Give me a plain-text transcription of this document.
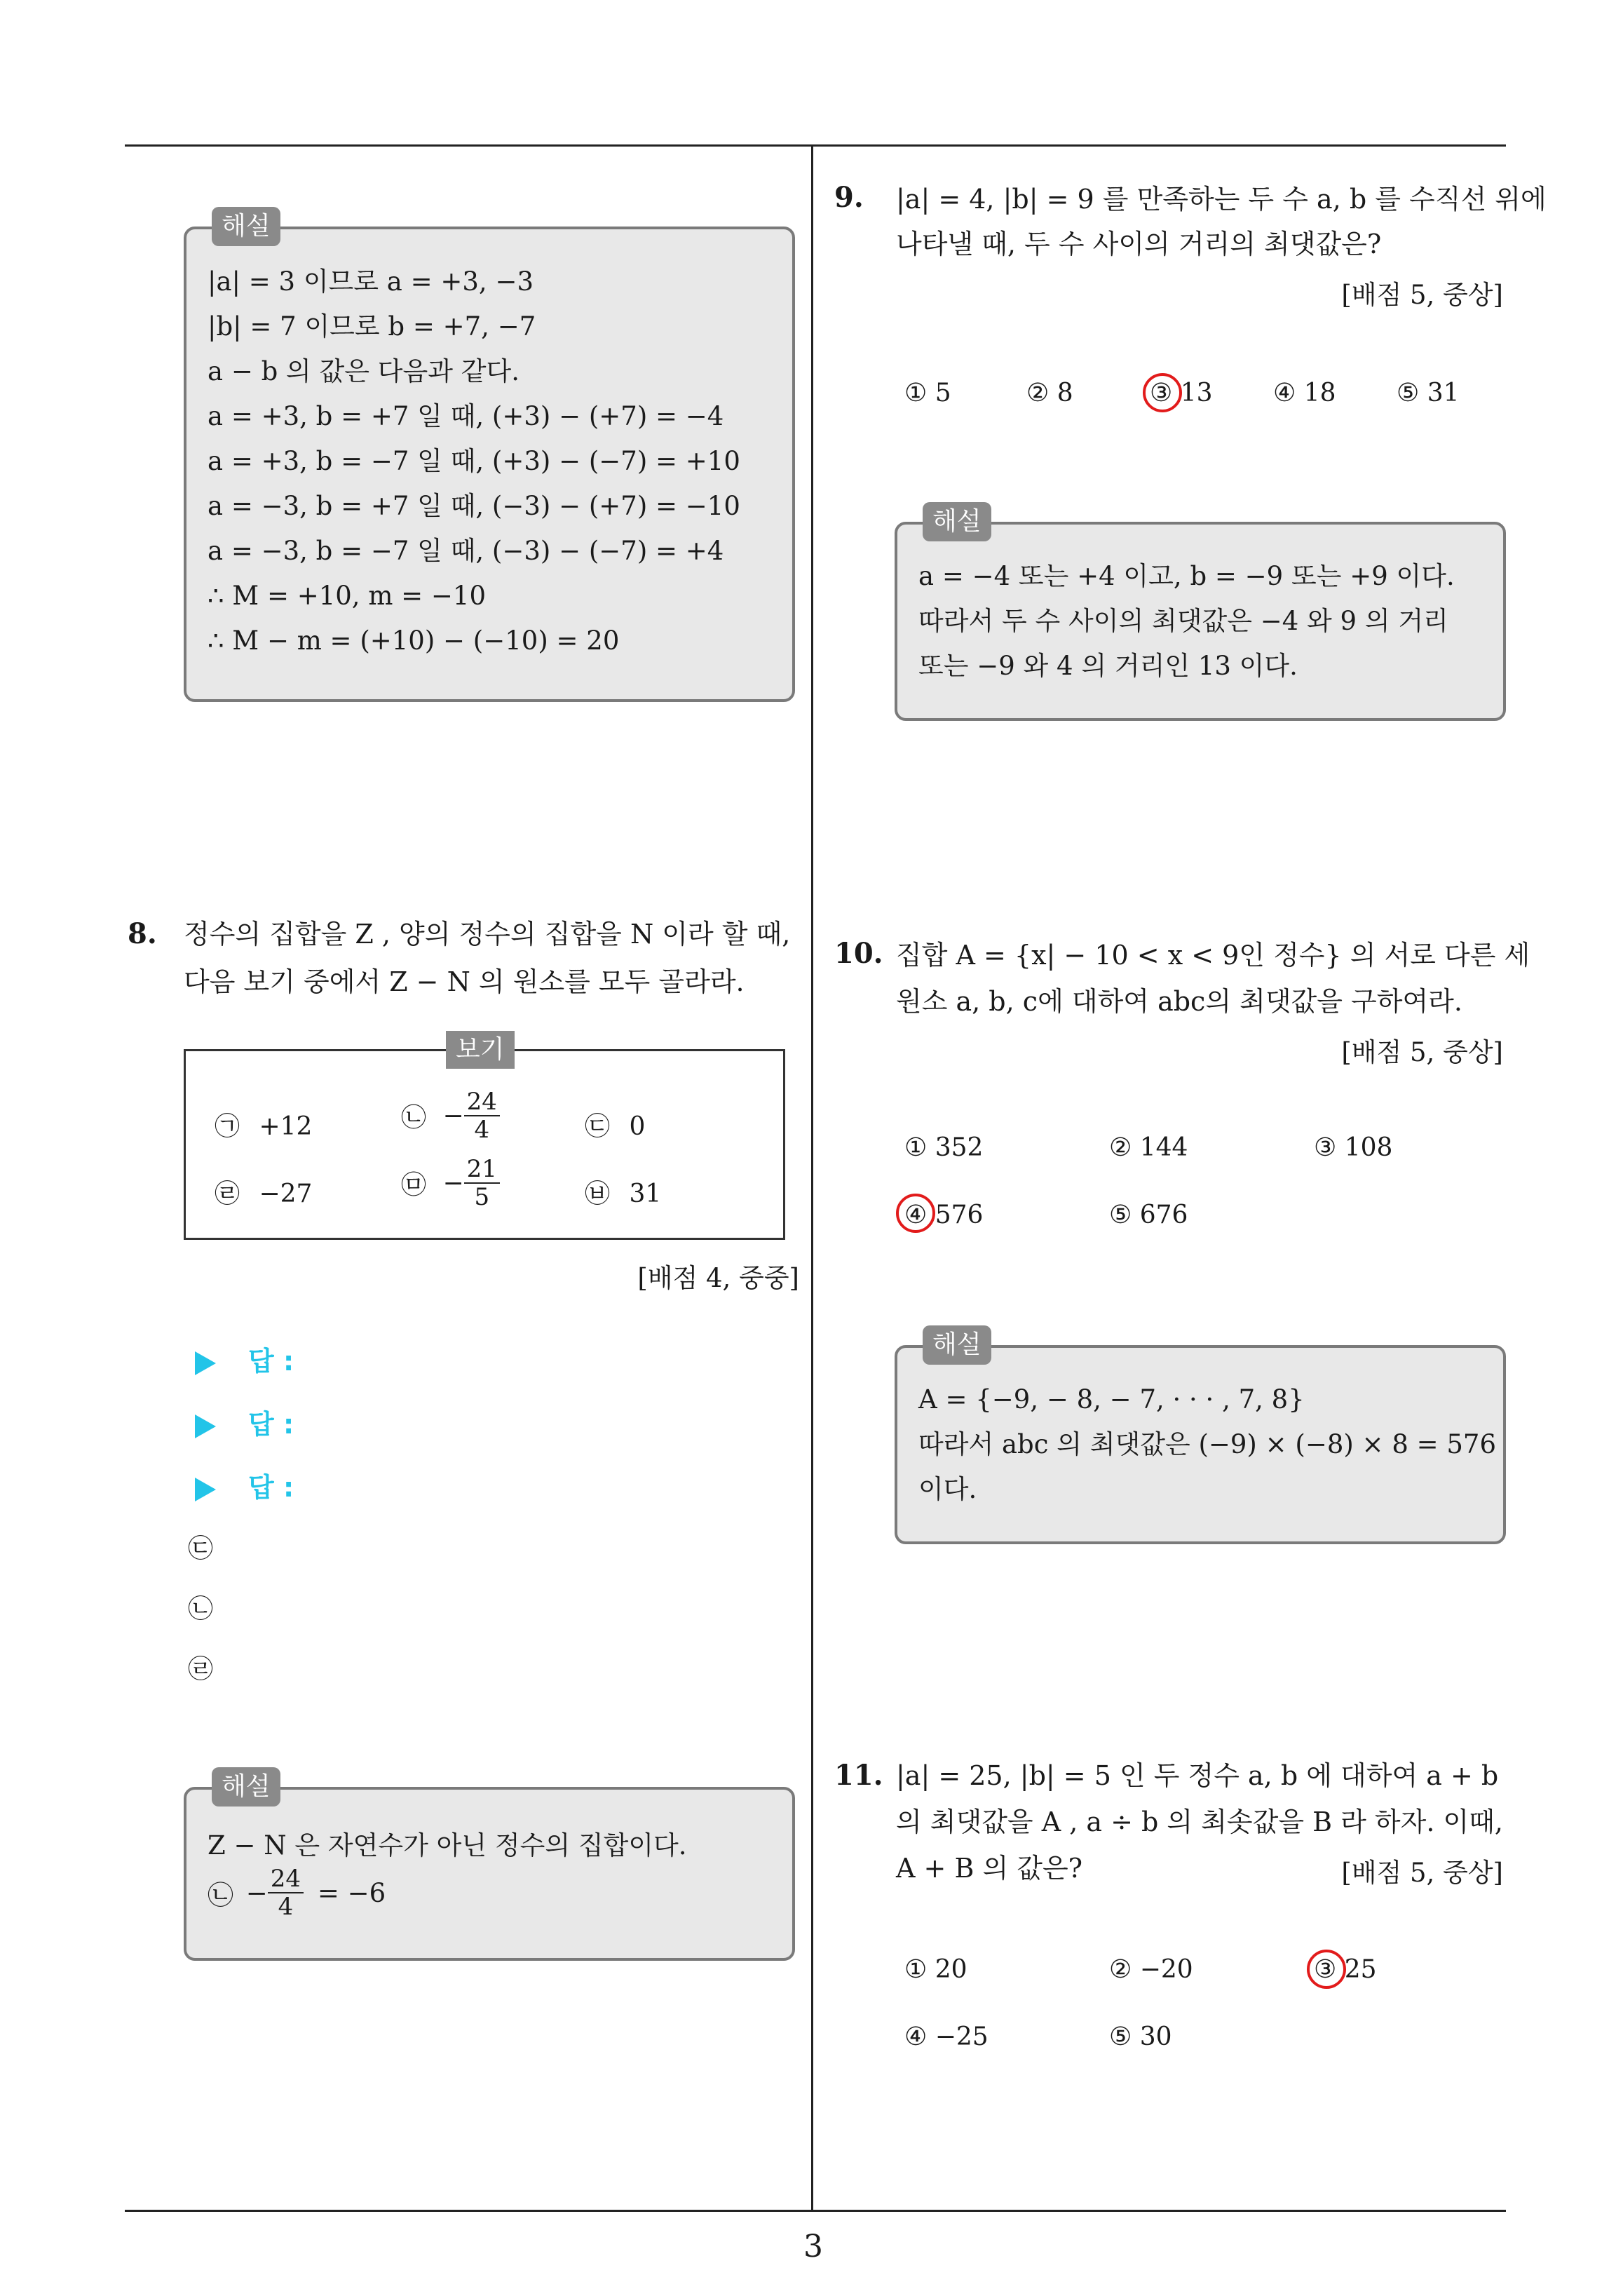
3
해설
|a| = 3 이므로 a = +3, −3
|b| = 7 이므로 b = +7, −7
a − b 의 값은 다음과 같다.
a = +3, b = +7 일 때, (+3) − (+7) = −4
a = +3, b = −7 일 때, (+3) − (−7) = +10
a = −3, b = +7 일 때, (−3) − (+7) = −10
a = −3, b = −7 일 때, (−3) − (−7) = +4
∴ M = +10, m = −10
∴ M − m = (+10) − (−10) = 20
8. 정수의 집합을 Z , 양의 정수의 집합을 N 이라 할 때,
다음 보기 중에서 Z − N 의 원소를 모두 골라라.
보기
㉠ +12	㉡ − $\frac{24}{4}$	㉢ 0
㉣ −27	㉤ − $\frac{21}{5}$	㉥ 31
[배점 4, 중중]
답 :
답 :
답 :
㉢
㉡
㉣
해설
Z − N 은 자연수가 아닌 정수의 집합이다.
㉡ − $\frac{24}{4} = -6$
9. |a| = 4, |b| = 9 를 만족하는 두 수 a, b 를 수직선 위에
나타낼 때, 두 수 사이의 거리의 최댓값은?
[배점 5, 중상]
① 5	② 8	③ 13 ④ 18 ⑤ 31
해설
a = −4 또는 +4 이고, b = −9 또는 +9 이다.
따라서 두 수 사이의 최댓값은 −4 와 9 의 거리
또는 −9 와 4 의 거리인 13 이다.
10. 집합 A = {x| − 10 < x < 9인 정수} 의 서로 다른 세
원소 a, b, c에 대하여 abc의 최댓값을 구하여라.
[배점 5, 중상]
① 352	② 144	③ 108
④ 576	⑤ 676
해설
A = {−9, − 8, − 7, · · · , 7, 8}
따라서 abc 의 최댓값은 (−9) × (−8) × 8 = 576
이다.
11. |a| = 25, |b| = 5 인 두 정수 a, b 에 대하여 a + b
의 최댓값을 A , a ÷ b 의 최솟값을 B 라 하자. 이때,
A + B 의 값은?	[배점 5, 중상]
① 20	② −20	③ 25
④ −25	⑤ 30
